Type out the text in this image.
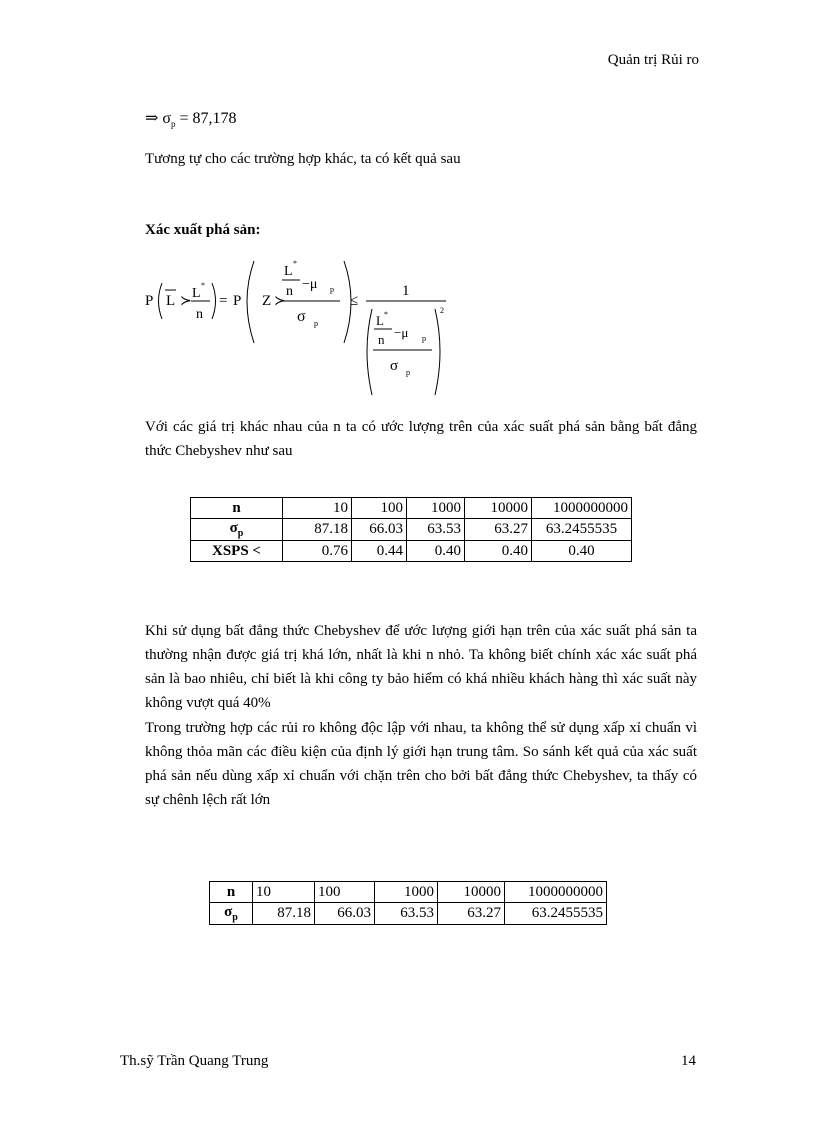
Quản trị Rủi ro
⇒ $\sigma_p = 87,178$
Tương tự cho các trường hợp khác, ta có kết quả sau
Xác xuất phá sản:
P L ≻
L
*
n
= P Z ≻
L
*
n −μ p
σ p
≤
1
L *
n −μ p
σ p
2
Với các giá trị khác nhau của n ta có ước lượng trên của xác suất phá sản bằng bất đẳng thức Chebyshev như sau
n	10	100	1000	10000	1000000000
$\sigma_p$	87.18	66.03	63.53	63.27	63.2455535
XSPS <	0.76	0.44	0.40	0.40	0.40
Khi sử dụng bất đẳng thức Chebyshev để ước lượng giới hạn trên của xác suất phá sản ta thường nhận được giá trị khá lớn, nhất là khi n nhỏ. Ta không biết chính xác xác suất phá sản là bao nhiêu, chỉ biết là khi công ty bảo hiểm có khá nhiều khách hàng thì xác suất này không vượt quá 40%
Trong trường hợp các rủi ro không độc lập với nhau, ta không thể sử dụng xấp xỉ chuẩn vì không thỏa mãn các điều kiện của định lý giới hạn trung tâm. So sánh kết quả của xác suất phá sản nếu dùng xấp xỉ chuẩn với chặn trên cho bởi bất đẳng thức Chebyshev, ta thấy có sự chênh lệch rất lớn
n	10	100	1000	10000	1000000000
$\sigma_p$	87.18	66.03	63.53	63.27	63.2455535
Th.sỹ Trần Quang Trung	14
